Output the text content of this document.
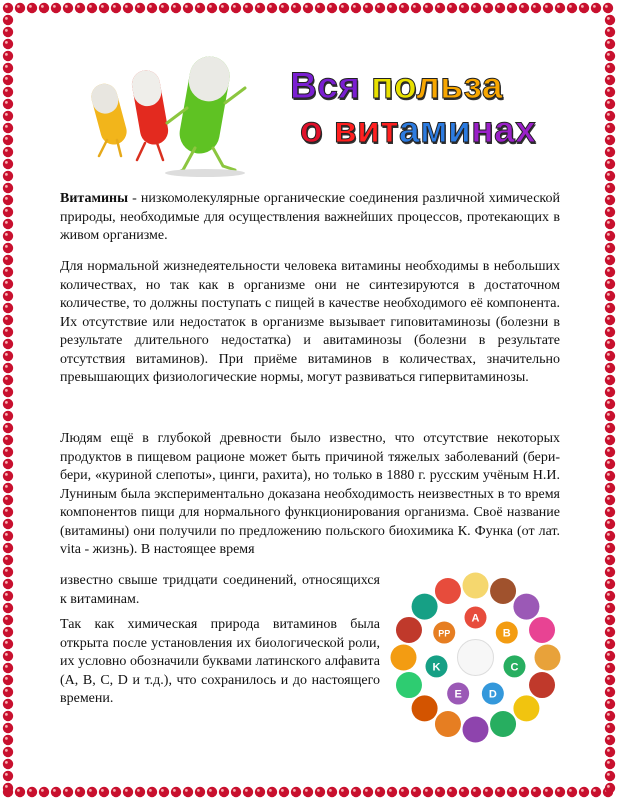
Вся польза
о витаминах

Витамины - низкомолекулярные органические соединения различной химической природы, необходимые для осуществления важнейших процессов, протекающих в живом организме.

Для нормальной жизнедеятельности человека витамины необходимы в небольших количествах, но так как в организме они не синтезируются в достаточном количестве, то должны поступать с пищей в качестве необходимого её компонента. Их отсутствие или недостаток в организме вызывает гиповитаминозы (болезни в результате длительного недостатка) и авитаминозы (болезни в результате отсутствия витаминов). При приёме витаминов в количествах, значительно превышающих физиологические нормы, могут развиваться гипервитаминозы.

Людям ещё в глубокой древности было известно, что отсутствие некоторых продуктов в пищевом рационе может быть причиной тяжелых заболеваний (бери-бери, «куриной слепоты», цинги, рахита), но только в 1880 г. русским учёным Н.И. Луниным была экспериментально доказана необходимость неизвестных в то время компонентов пищи для нормального функционирования организма. Своё название (витамины) они получили по предложению польского биохимика К. Функа (от лат. vita - жизнь). В настоящее время

известно свыше тридцати соединений, относящихся к витаминам.

Так как химическая природа витаминов была открыта после установления их биологической роли, их условно обозначили буквами латинского алфавита (А, В, С, D и т.д.), что сохранилось и до настоящего времени.

A
B
C
D
E
K
PP
